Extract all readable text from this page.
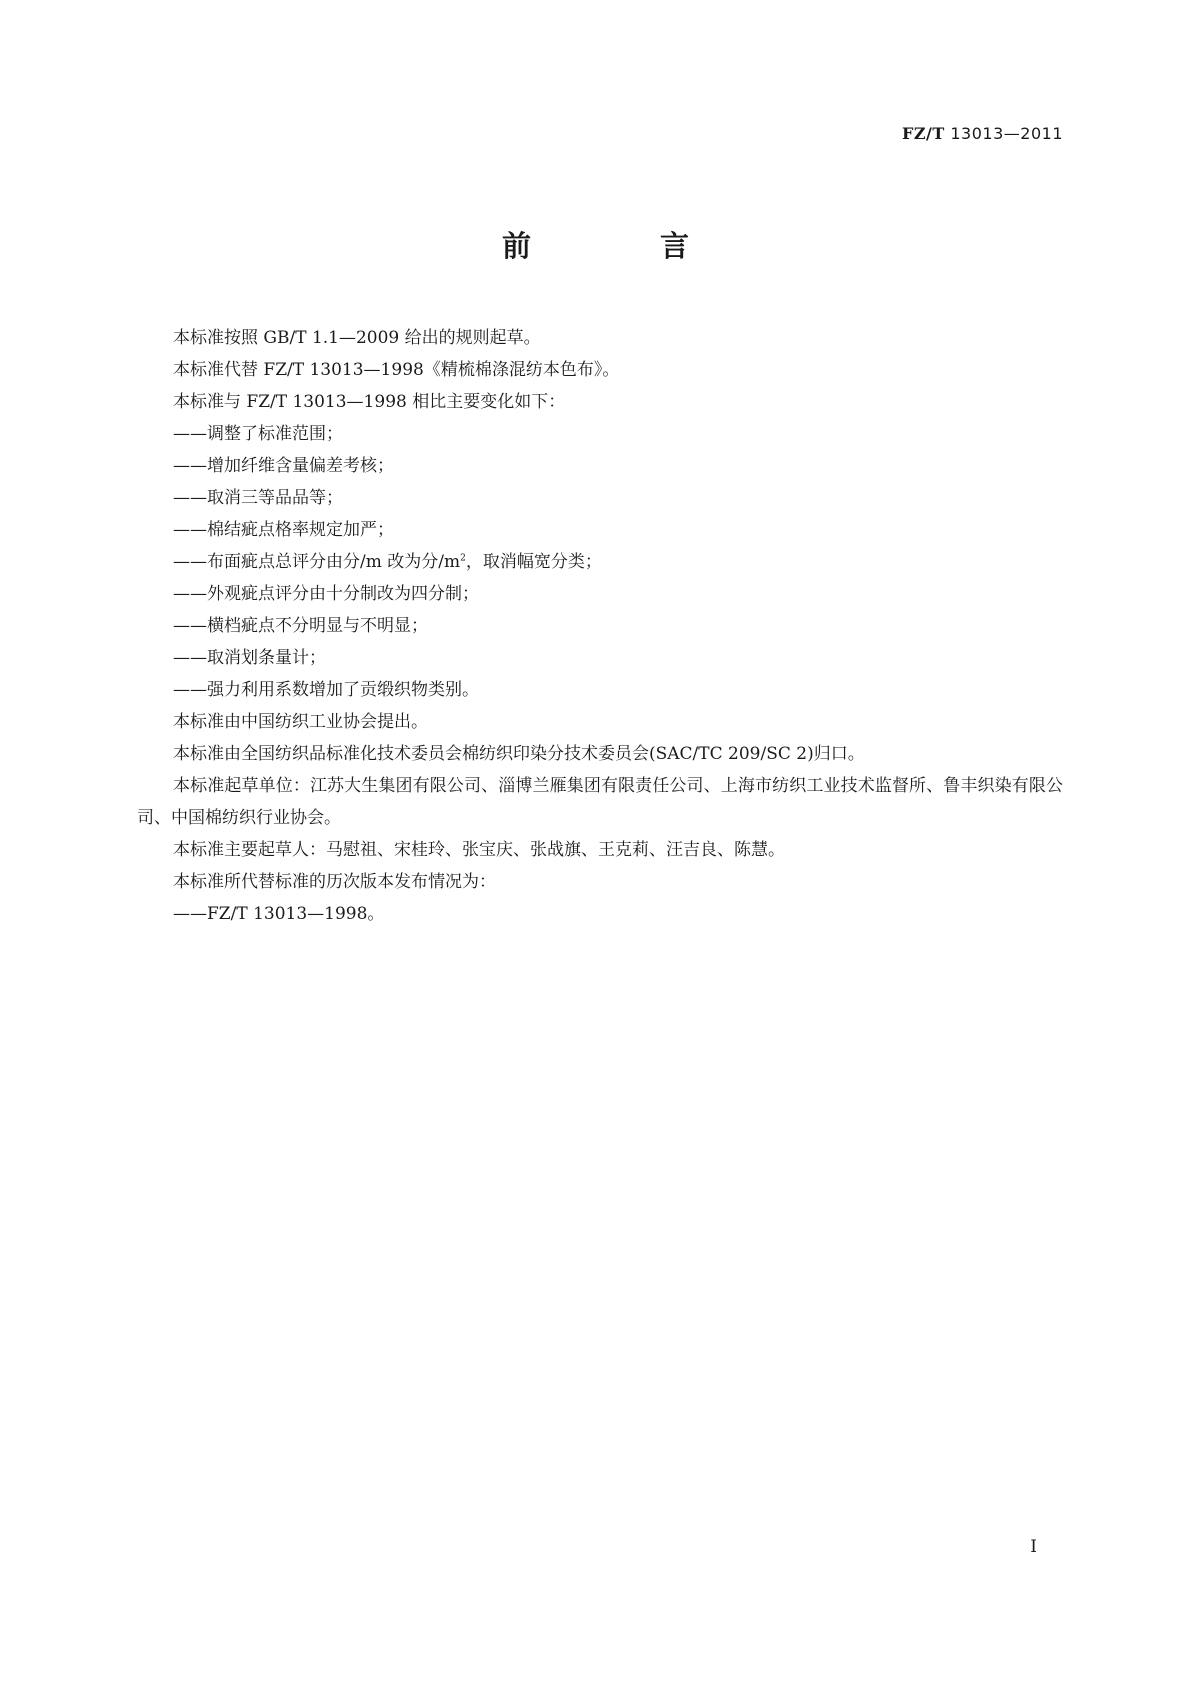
FZ/T 13013—2011
前　言

本标准按照 GB/T 1.1—2009 给出的规则起草。

本标准代替 FZ/T 13013—1998《精梳棉涤混纺本色布》。

本标准与 FZ/T 13013—1998 相比主要变化如下：

——调整了标准范围；

——增加纤维含量偏差考核；

——取消三等品品等；

——棉结疵点格率规定加严；

——布面疵点总评分由分/m 改为分$/m^2$，取消幅宽分类；

——外观疵点评分由十分制改为四分制；

——横档疵点不分明显与不明显；

——取消划条量计；

——强力利用系数增加了贡缎织物类别。

本标准由中国纺织工业协会提出。

本标准由全国纺织品标准化技术委员会棉纺织印染分技术委员会(SAC/TC 209/SC 2)归口。

本标准起草单位：江苏大生集团有限公司、淄博兰雁集团有限责任公司、上海市纺织工业技术监督所、鲁丰织染有限公司、中国棉纺织行业协会。

本标准主要起草人：马慰祖、宋桂玲、张宝庆、张战旗、王克莉、汪吉良、陈慧。

本标准所代替标准的历次版本发布情况为：

——FZ/T 13013—1998。

I
